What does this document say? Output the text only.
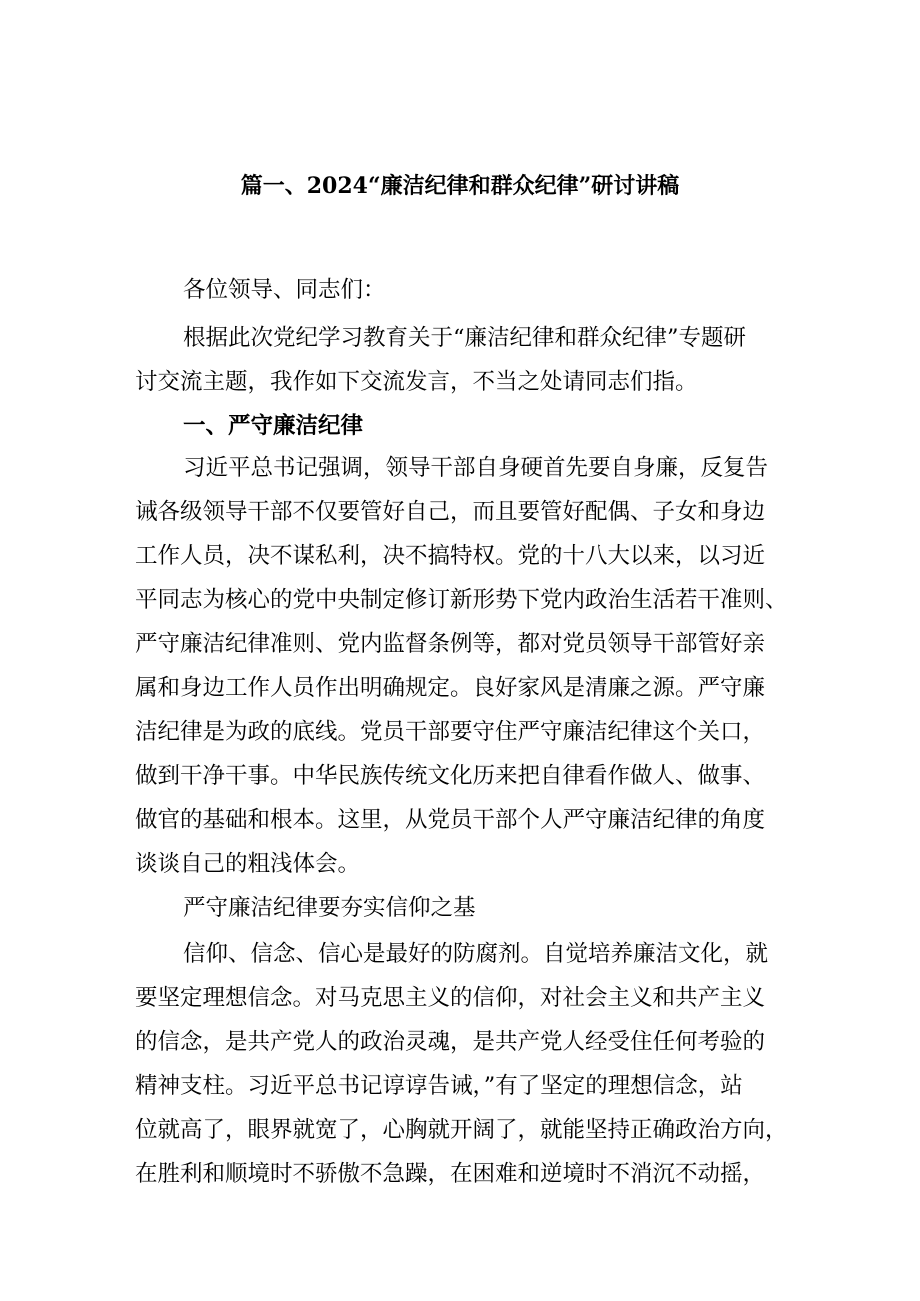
篇一、2024“廉洁纪律和群众纪律”研讨讲稿
各位领导、同志们：
根据此次党纪学习教育关于“廉洁纪律和群众纪律”专题研
讨交流主题，我作如下交流发言，不当之处请同志们指。
一、严守廉洁纪律
习近平总书记强调，领导干部自身硬首先要自身廉，反复告
诫各级领导干部不仅要管好自己，而且要管好配偶、子女和身边
工作人员，决不谋私利，决不搞特权。党的十八大以来，以习近
平同志为核心的党中央制定修订新形势下党内政治生活若干准则、
严守廉洁纪律准则、党内监督条例等，都对党员领导干部管好亲
属和身边工作人员作出明确规定。良好家风是清廉之源。严守廉
洁纪律是为政的底线。党员干部要守住严守廉洁纪律这个关口，
做到干净干事。中华民族传统文化历来把自律看作做人、做事、
做官的基础和根本。这里，从党员干部个人严守廉洁纪律的角度
谈谈自己的粗浅体会。
严守廉洁纪律要夯实信仰之基
信仰、信念、信心是最好的防腐剂。自觉培养廉洁文化，就
要坚定理想信念。对马克思主义的信仰，对社会主义和共产主义
的信念，是共产党人的政治灵魂，是共产党人经受住任何考验的
精神支柱。习近平总书记谆谆告诫，”有了坚定的理想信念，站
位就高了，眼界就宽了，心胸就开阔了，就能坚持正确政治方向，
在胜利和顺境时不骄傲不急躁，在困难和逆境时不消沉不动摇，
